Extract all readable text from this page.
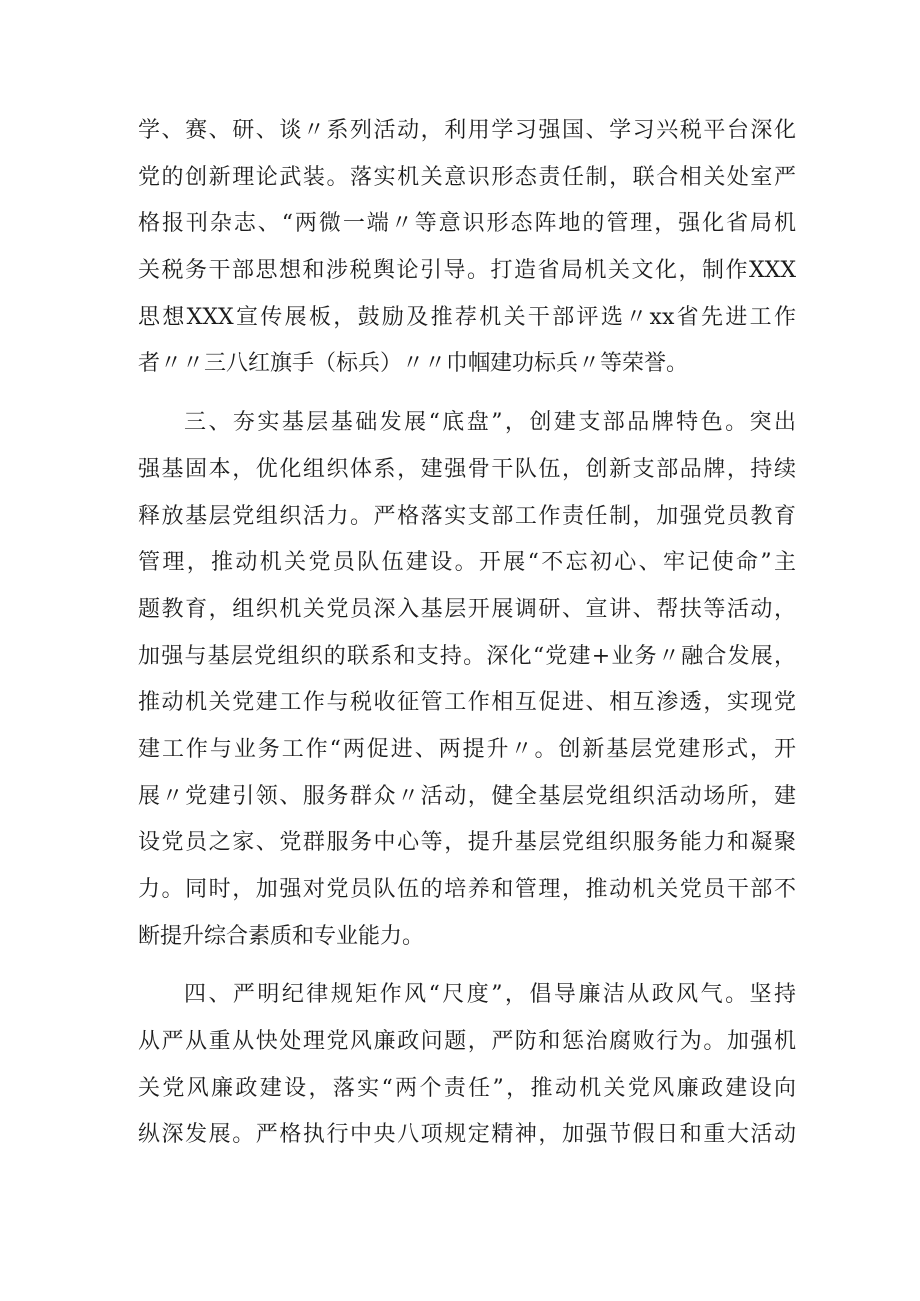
学、赛、研、谈〃系列活动，利用学习强国、学习兴税平台深化
党的创新理论武装。落实机关意识形态责任制，联合相关处室严
格报刊杂志、“两微一端〃等意识形态阵地的管理，强化省局机
关税务干部思想和涉税舆论引导。打造省局机关文化，制作XXX
思想XXX宣传展板，鼓励及推荐机关干部评选〃xx省先进工作
者〃〃三八红旗手（标兵）〃〃巾帼建功标兵〃等荣誉。
三、夯实基层基础发展“底盘”，创建支部品牌特色。突出
强基固本，优化组织体系，建强骨干队伍，创新支部品牌，持续
释放基层党组织活力。严格落实支部工作责任制，加强党员教育
管理，推动机关党员队伍建设。开展“不忘初心、牢记使命”主
题教育，组织机关党员深入基层开展调研、宣讲、帮扶等活动，
加强与基层党组织的联系和支持。深化“党建+业务〃融合发展，
推动机关党建工作与税收征管工作相互促进、相互渗透，实现党
建工作与业务工作“两促进、两提升〃。创新基层党建形式，开
展〃党建引领、服务群众〃活动，健全基层党组织活动场所，建
设党员之家、党群服务中心等，提升基层党组织服务能力和凝聚
力。同时，加强对党员队伍的培养和管理，推动机关党员干部不
断提升综合素质和专业能力。
四、严明纪律规矩作风“尺度”，倡导廉洁从政风气。坚持
从严从重从快处理党风廉政问题，严防和惩治腐败行为。加强机
关党风廉政建设，落实“两个责任”，推动机关党风廉政建设向
纵深发展。严格执行中央八项规定精神，加强节假日和重大活动
